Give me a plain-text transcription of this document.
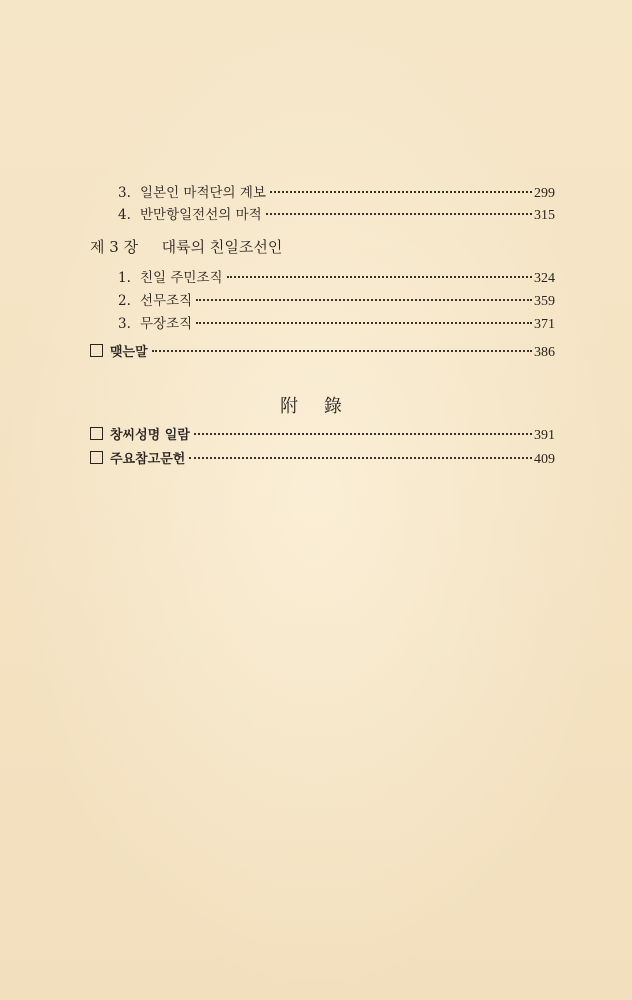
3. 일본인 마적단의 계보	299
4. 반만항일전선의 마적	315
제 3 장 대륙의 친일조선인
1. 친일 주민조직	324
2. 선무조직	359
3. 무장조직	371
맺는말	386
附 錄
창씨성명 일람	391
주요참고문헌	409
